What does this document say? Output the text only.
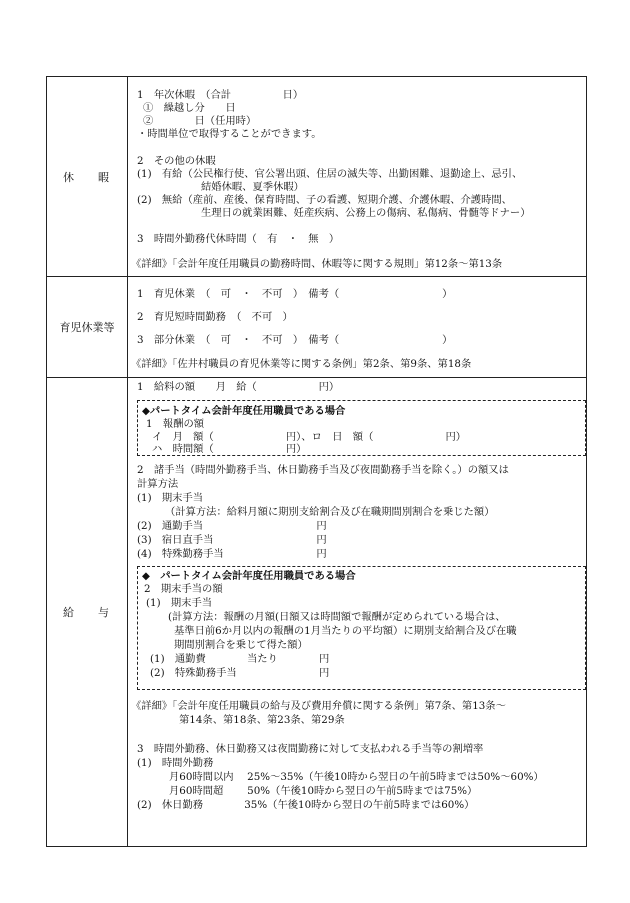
休 暇
1　年次休暇　（合計　　　　　日）
①　繰越し分　　日
②　　　　日（任用時）
・時間単位で取得することができます。
2　その他の休暇
(1)　有給（公民権行使、官公署出頭、住居の滅失等、出勤困難、退勤途上、忌引、
結婚休暇、夏季休暇）
(2)　無給（産前、産後、保育時間、子の看護、短期介護、介護休暇、介護時間、
生理日の就業困難、妊産疾病、公務上の傷病、私傷病、骨髄等ドナー）
3　時間外勤務代休時間（　有　・　無　）
《詳細》「会計年度任用職員の勤務時間、休暇等に関する規則」第12条～第13条
育児休業等
1　育児休業　（　可　・　不可　）　備考（　　　　　　　　　　）
2　育児短時間勤務　（　不可　）
3　部分休業　（　可　・　不可　）　備考（　　　　　　　　　　）
《詳細》「佐井村職員の育児休業等に関する条例」第2条、第9条、第18条
給 与
1　給料の額　　月　給（　　　　　　円）
◆パートタイム会計年度任用職員である場合
1　報酬の額
イ　月　額（　　　　　　　円）、ロ　日　額（　　　　　　　円）
ハ　時間額（　　　　　　　円）
2　諸手当（時間外勤務手当、休日勤務手当及び夜間勤務手当を除く。）の額又は
計算方法
(1)　期末手当
（計算方法：給料月額に期別支給割合及び在職期間別割合を乗じた額）
(2)　通勤手当　　　　　　　　　　　円
(3)　宿日直手当　　　　　　　　　　円
(4)　特殊勤務手当　　　　　　　　　円
◆　パートタイム会計年度任用職員である場合
2　期末手当の額
(1)　期末手当
(計算方法：報酬の月額(日額又は時間額で報酬が定められている場合は、
基準日前6か月以内の報酬の1月当たりの平均額）に期別支給割合及び在職
期間別割合を乗じて得た額）
(1)　通勤費　　　　当たり　　　　円
(2)　特殊勤務手当　　　　　　　　円
《詳細》「会計年度任用職員の給与及び費用弁償に関する条例」第7条、第13条～
第14条、第18条、第23条、第29条
3　時間外勤務、休日勤務又は夜間勤務に対して支払われる手当等の割増率
(1)　時間外勤務
月60時間以内　 25%～35%（午後10時から翌日の午前5時までは50%～60%）
月60時間超　　 50%（午後10時から翌日の午前5時までは75%）
(2)　休日勤務　　　　35%（午後10時から翌日の午前5時までは60%）
